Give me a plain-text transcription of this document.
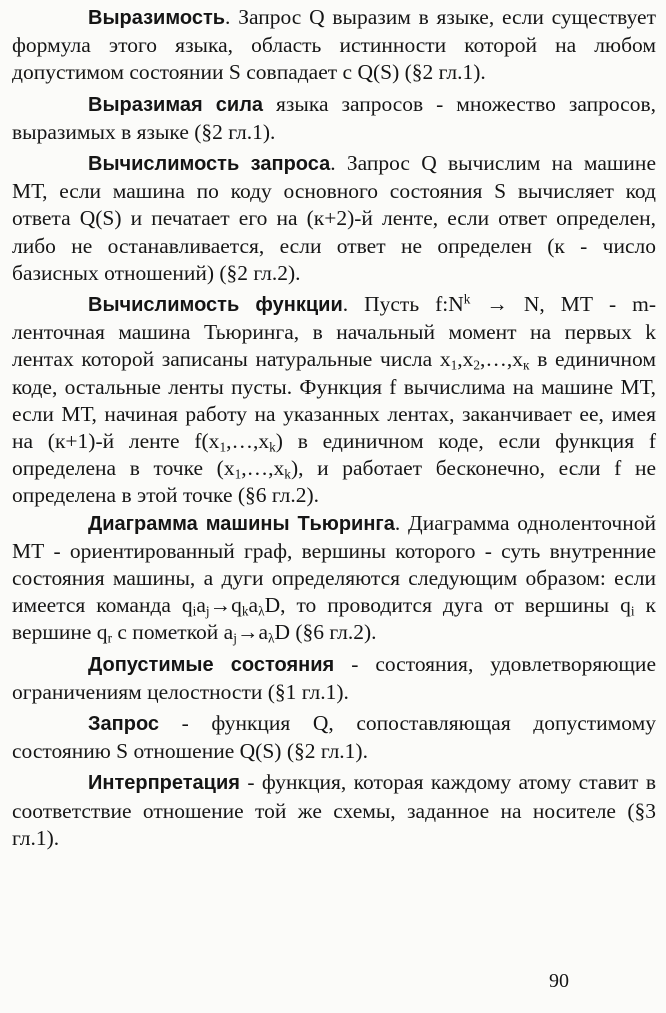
Выразимость. Запрос Q выразим в языке, если существует формула этого языка, область истинности которой на любом допустимом состоянии S совпадает с Q(S) (§2 гл.1).

Выразимая сила языка запросов - множество запросов, выразимых в языке (§2 гл.1).

Вычислимость запроса. Запрос Q вычислим на машине МТ, если машина по коду основного состояния S вычисляет код ответа Q(S) и печатает его на (к+2)-й ленте, если ответ определен, либо не останавливается, если ответ не определен (к - число базисных отношений) (§2 гл.2).

Вычислимость функции. Пусть $f:N^k \to N$, МТ - m-ленточная машина Тьюринга, в начальный момент на первых k лентах которой записаны натуральные числа $x_1,x_2,\dots,x_к$ в единичном коде, остальные ленты пусты. Функция f вычислима на машине МТ, если МТ, начиная работу на указанных лентах, заканчивает ее, имея на (к+1)-й ленте $f(x_1,\dots,x_k)$ в единичном коде, если функция f определена в точке $(x_1,\dots,x_k)$, и работает бесконечно, если f не определена в этой точке (§6 гл.2).

Диаграмма машины Тьюринга. Диаграмма одноленточной МТ - ориентированный граф, вершины которого - суть внутренние состояния машины, а дуги определяются следующим образом: если имеется команда $q_ia_j\to q_ka_\lambda D$, то проводится дуга от вершины $q_i$ к вершине $q_r$ с пометкой $a_j\to a_\lambda D$ (§6 гл.2).

Допустимые состояния - состояния, удовлетворяющие ограничениям целостности (§1 гл.1).

Запрос - функция Q, сопоставляющая допустимому состоянию S отношение Q(S) (§2 гл.1).

Интерпретация - функция, которая каждому атому ставит в соответствие отношение той же схемы, заданное на носителе (§3 гл.1).

90
